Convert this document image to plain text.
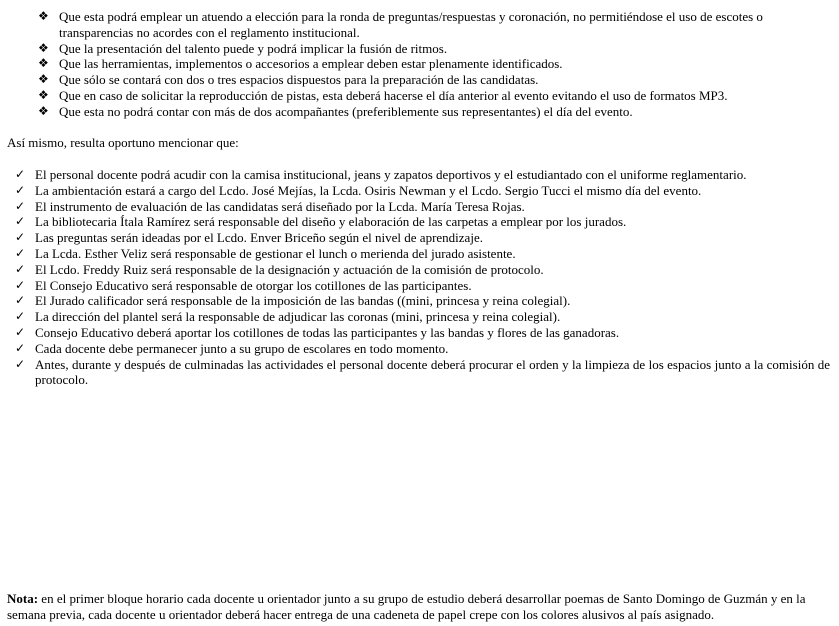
❖ Que esta podrá emplear un atuendo a elección para la ronda de preguntas/respuestas y coronación, no permitiéndose el uso de escotes o transparencias no acordes con el reglamento institucional.
❖ Que la presentación del talento puede y podrá implicar la fusión de ritmos.
❖ Que las herramientas, implementos o accesorios a emplear deben estar plenamente identificados.
❖ Que sólo se contará con dos o tres espacios dispuestos para la preparación de las candidatas.
❖ Que en caso de solicitar la reproducción de pistas, esta deberá hacerse el día anterior al evento evitando el uso de formatos MP3.
❖ Que esta no podrá contar con más de dos acompañantes (preferiblemente sus representantes) el día del evento.

Así mismo, resulta oportuno mencionar que:

✓ El personal docente podrá acudir con la camisa institucional, jeans y zapatos deportivos y el estudiantado con el uniforme reglamentario.
✓ La ambientación estará a cargo del Lcdo. José Mejías, la Lcda. Osiris Newman y el Lcdo. Sergio Tucci el mismo día del evento.
✓ El instrumento de evaluación de las candidatas será diseñado por la Lcda. María Teresa Rojas.
✓ La bibliotecaria Ítala Ramírez será responsable del diseño y elaboración de las carpetas a emplear por los jurados.
✓ Las preguntas serán ideadas por el Lcdo. Enver Briceño según el nivel de aprendizaje.
✓ La Lcda. Esther Veliz será responsable de gestionar el lunch o merienda del jurado asistente.
✓ El Lcdo. Freddy Ruiz será responsable de la designación y actuación de la comisión de protocolo.
✓ El Consejo Educativo será responsable de otorgar los cotillones de las participantes.
✓ El Jurado calificador será responsable de la imposición de las bandas ((mini, princesa y reina colegial).
✓ La dirección del plantel será la responsable de adjudicar las coronas (mini, princesa y reina colegial).
✓ Consejo Educativo deberá aportar los cotillones de todas las participantes y las bandas y flores de las ganadoras.
✓ Cada docente debe permanecer junto a su grupo de escolares en todo momento.
✓ Antes, durante y después de culminadas las actividades el personal docente deberá procurar el orden y la limpieza de los espacios junto a la comisión de protocolo.

Nota: en el primer bloque horario cada docente u orientador junto a su grupo de estudio deberá desarrollar poemas de Santo Domingo de Guzmán y en la semana previa, cada docente u orientador deberá hacer entrega de una cadeneta de papel crepe con los colores alusivos al país asignado.
